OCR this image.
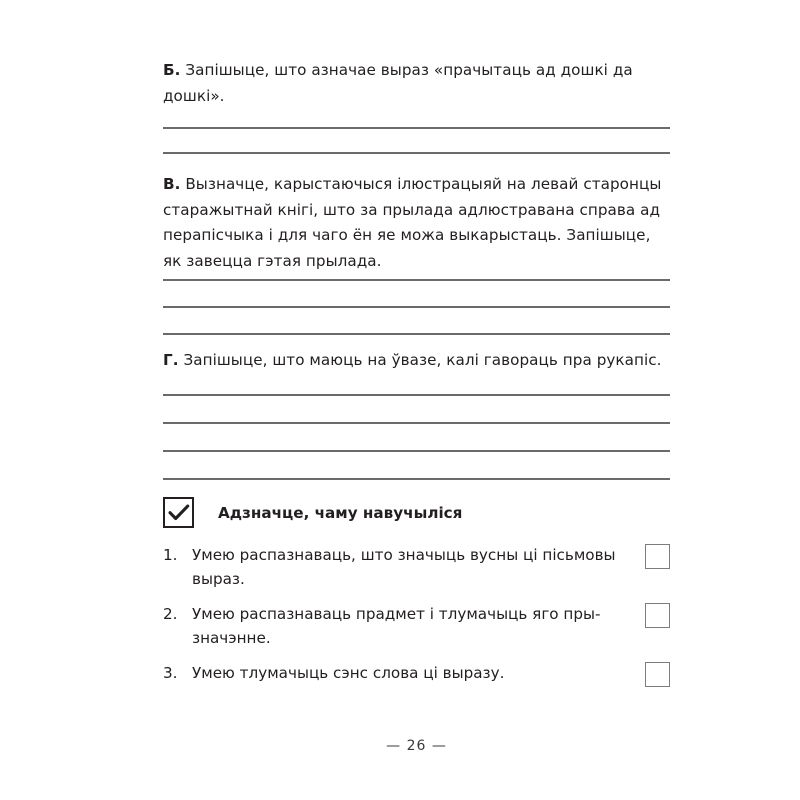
Б. Запішыце, што азначае выраз «прачытаць ад дошкі да дошкі».

В. Вызначце, карыстаючыся ілюстрацыяй на левай старонцы старажытнай кнігі, што за прылада адлюстравана справа ад перапісчыка і для чаго ён яе можа выкарыстаць. Запішыце, як завецца гэтая прылада.

Г. Запішыце, што маюць на ўвазе, калі гавораць пра рукапіс.

Адзначце, чаму навучыліся
1. Умею распазнаваць, што значыць вусны ці пісьмовы выраз.
2. Умею распазнаваць прадмет і тлумачыць яго прызначэнне.
3. Умею тлумачыць сэнс слова ці выразу.
— 26 —
